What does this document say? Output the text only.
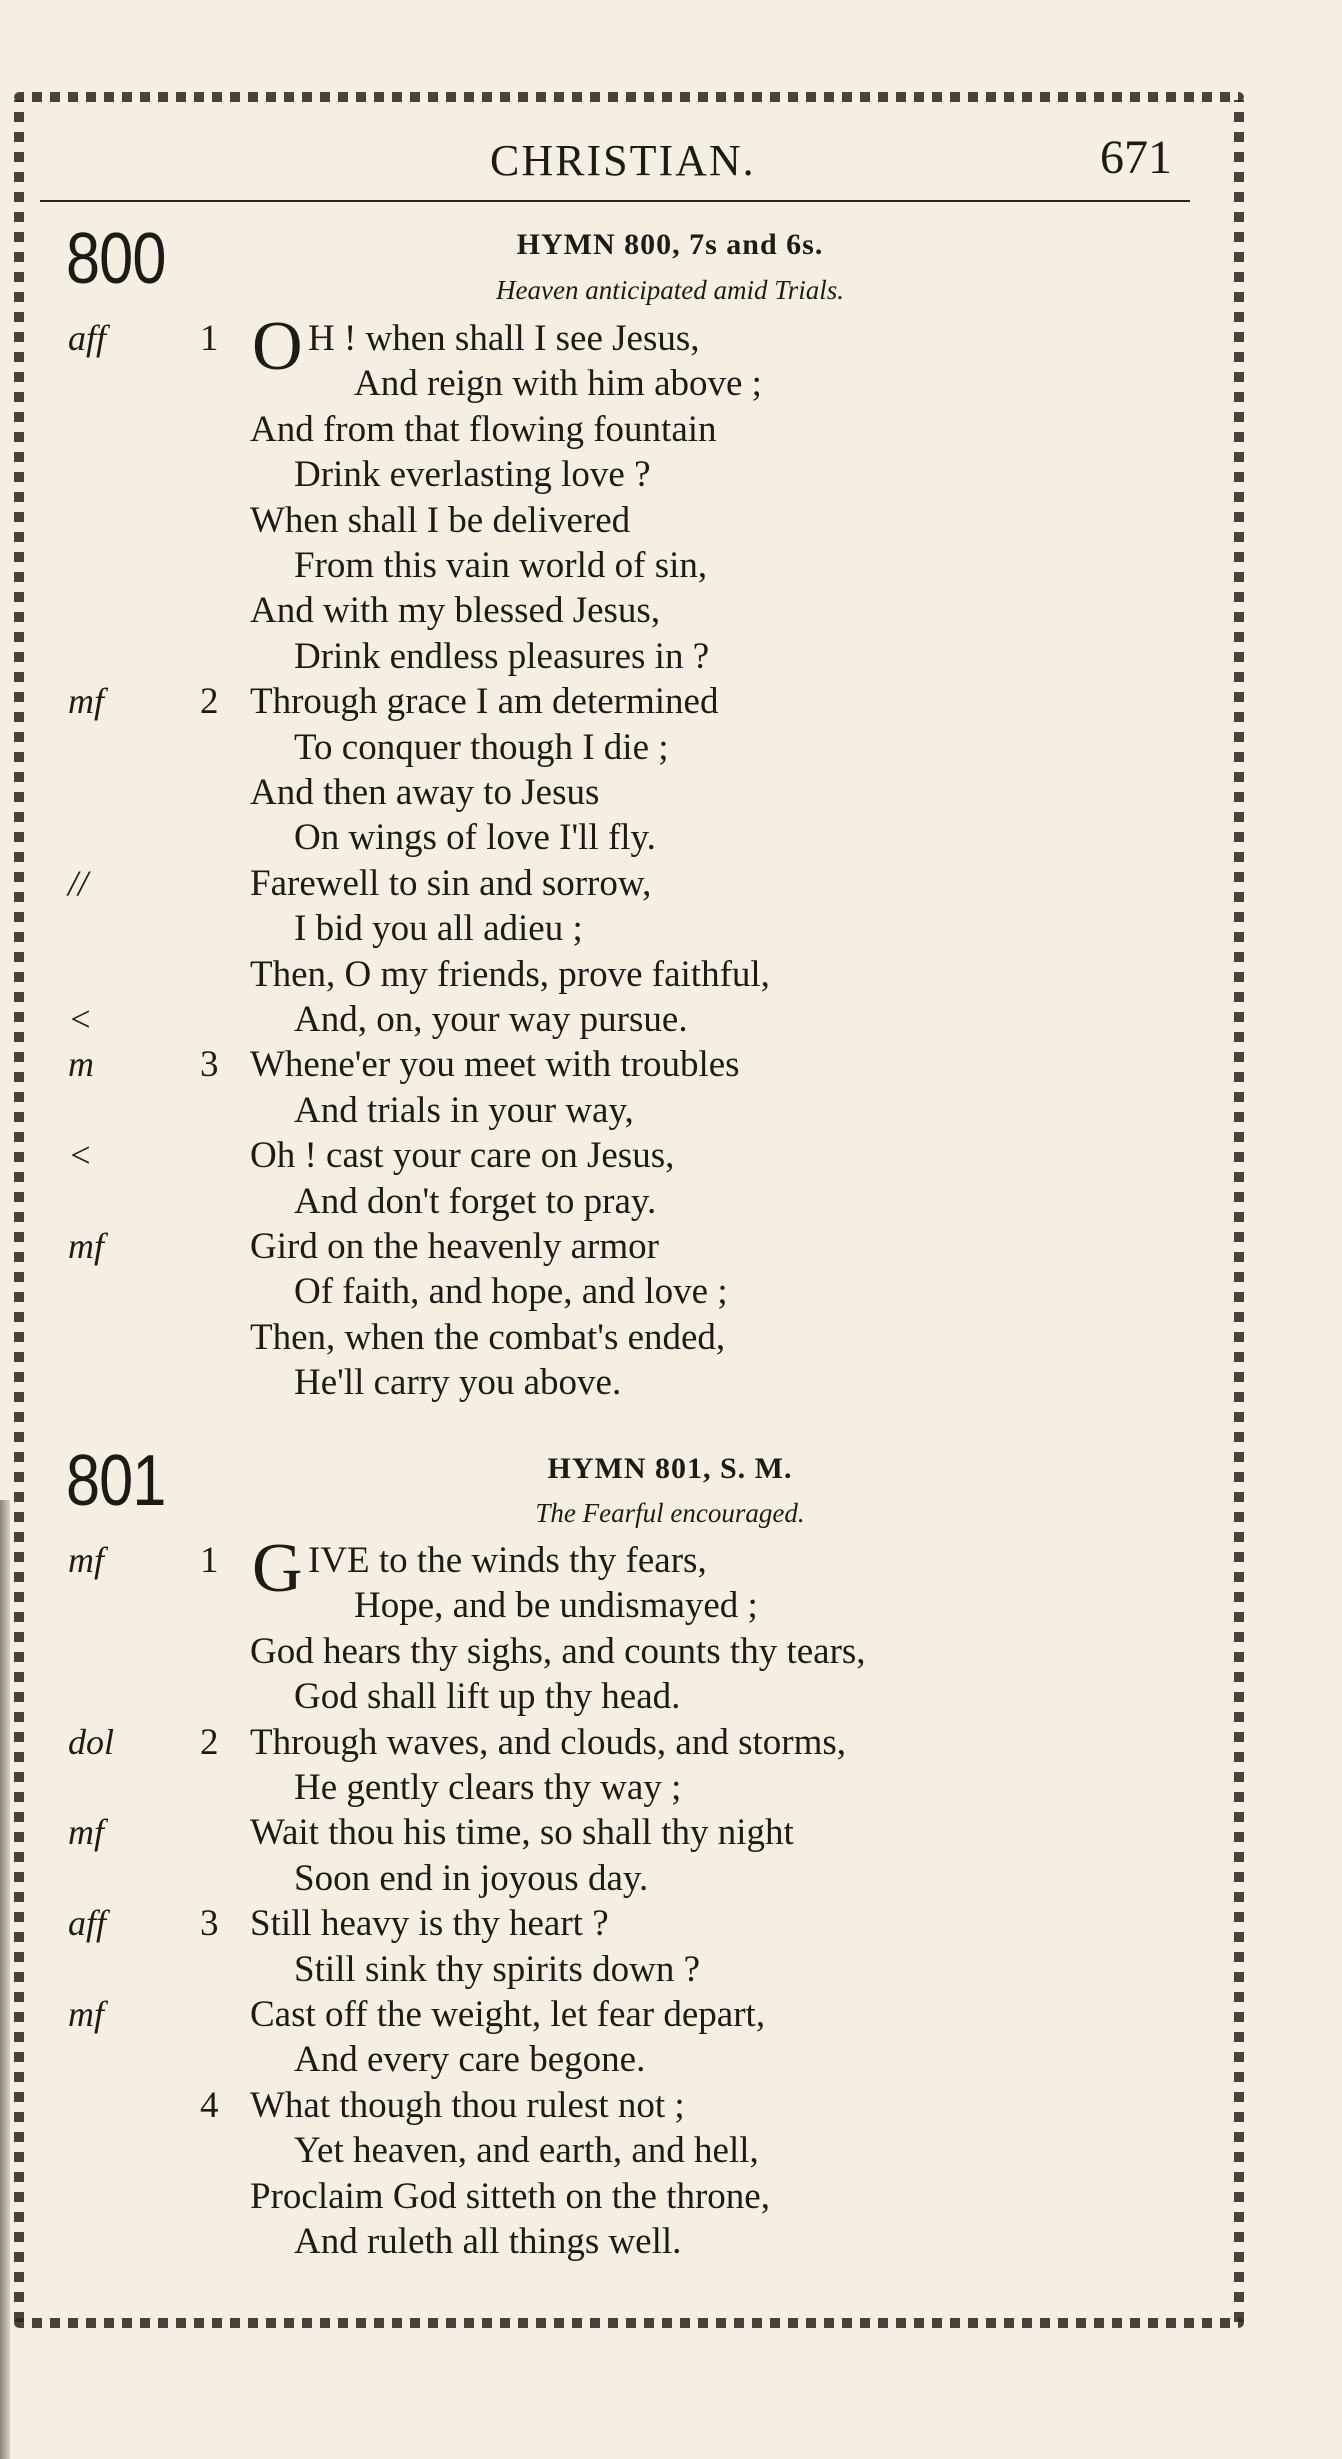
CHRISTIAN.	671
800	HYMN 800, 7s and 6s.
Heaven anticipated amid Trials.
O
aff	1 H ! when shall I see Jesus,
And reign with him above ;
And from that flowing fountain
Drink everlasting love ?
When shall I be delivered
From this vain world of sin,
And with my blessed Jesus,
Drink endless pleasures in ?
mf	2 Through grace I am determined
To conquer though I die ;
And then away to Jesus
On wings of love I'll fly.
//	Farewell to sin and sorrow,
I bid you all adieu ;
Then, O my friends, prove faithful,
<	And, on, your way pursue.
m	3 Whene'er you meet with troubles
And trials in your way,
<	Oh ! cast your care on Jesus,
And don't forget to pray.
mf	Gird on the heavenly armor
Of faith, and hope, and love ;
Then, when the combat's ended,
He'll carry you above.
801	HYMN 801, S. M.
The Fearful encouraged.
G
mf	1 IVE to the winds thy fears,
Hope, and be undismayed ;
God hears thy sighs, and counts thy tears,
God shall lift up thy head.
dol 2 Through waves, and clouds, and storms,
He gently clears thy way ;
mf	Wait thou his time, so shall thy night
Soon end in joyous day.
aff	3 Still heavy is thy heart ?
Still sink thy spirits down ?
mf	Cast off the weight, let fear depart,
And every care begone.
4 What though thou rulest not ;
Yet heaven, and earth, and hell,
Proclaim God sitteth on the throne,
And ruleth all things well.
